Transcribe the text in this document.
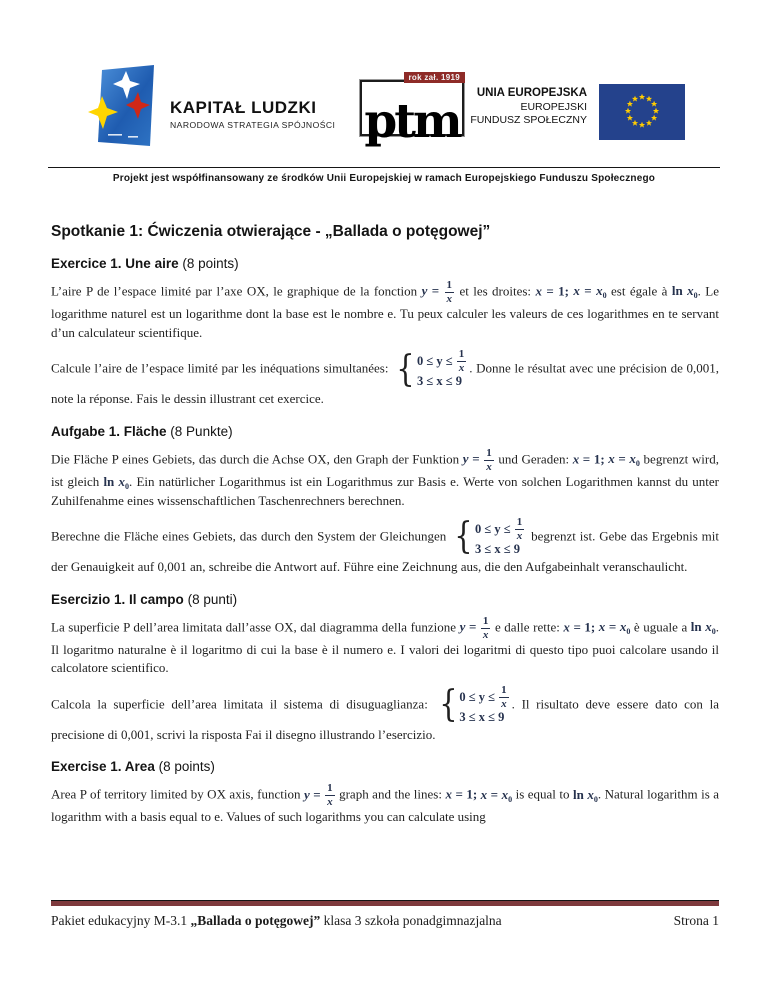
KAPITAŁ LUDZKI
NARODOWA STRATEGIA SPÓJNOŚCI
rok zał. 1919
ptm
UNIA EUROPEJSKA
EUROPEJSKI
FUNDUSZ SPOŁECZNY
Projekt jest współfinansowany ze środków Unii Europejskiej w ramach Europejskiego Funduszu Społecznego
Spotkanie 1: Ćwiczenia otwierające - „Ballada o potęgowej”
Exercice 1. Une aire (8 points)

L’aire P de l’espace limité par l’axe OX, le graphique de la fonction $y = \frac{1}{x}$ et les droites: x = 1; $x = x_0$ est égale à $\ln x_0$. Le logarithme naturel est un logarithme dont la base est le nombre e. Tu peux calculer les valeurs de ces logarithmes en te servant d’un calculateur scientifique.

Calcule l’aire de l’espace limité par les inéquations simultanées: { $0 \le y \le \frac{1}{x}$
3 ≤ x ≤ 9
. Donne le résultat avec une précision de 0,001, note la réponse. Fais le dessin illustrant cet exercice.

Aufgabe 1. Fläche (8 Punkte)

Die Fläche P eines Gebiets, das durch die Achse OX, den Graph der Funktion $y = \frac{1}{x}$ und Geraden: x = 1; $x = x_0$ begrenzt wird, ist gleich $\ln x_0$. Ein natürlicher Logarithmus ist ein Logarithmus zur Basis e. Werte von solchen Logarithmen kannst du unter Zuhilfenahme eines wissenschaftlichen Taschenrechners berechnen.

Berechne die Fläche eines Gebiets, das durch den System der Gleichungen { $0 \le y \le \frac{1}{x}$
3 ≤ x ≤ 9
begrenzt ist. Gebe das Ergebnis mit der Genauigkeit auf 0,001 an, schreibe die Antwort auf. Führe eine Zeichnung aus, die den Aufgabeinhalt veranschaulicht.

Esercizio 1. Il campo (8 punti)

La superficie P dell’area limitata dall’asse OX, dal diagramma della funzione $y = \frac{1}{x}$ e dalle rette: x = 1; $x = x_0$ è uguale a $\ln x_0$. Il logaritmo naturalne è il logaritmo di cui la base è il numero e. I valori dei logaritmi di questo tipo puoi calcolare usando il calcolatore scientifico.

Calcola la superficie dell’area limitata il sistema di disuguaglianza: { $0 \le y \le \frac{1}{x}$
3 ≤ x ≤ 9
. Il risultato deve essere dato con la precisione di 0,001, scrivi la risposta Fai il disegno illustrando l’esercizio.

Exercise 1. Area (8 points)

Area P of territory limited by OX axis, function $y = \frac{1}{x}$ graph and the lines: x = 1; $x = x_0$ is equal to $\ln x_0$. Natural logarithm is a logarithm with a basis equal to e. Values of such logarithms you can calculate using

Pakiet edukacyjny M-3.1 „Ballada o potęgowej” klasa 3 szkoła ponadgimnazjalna	Strona 1
